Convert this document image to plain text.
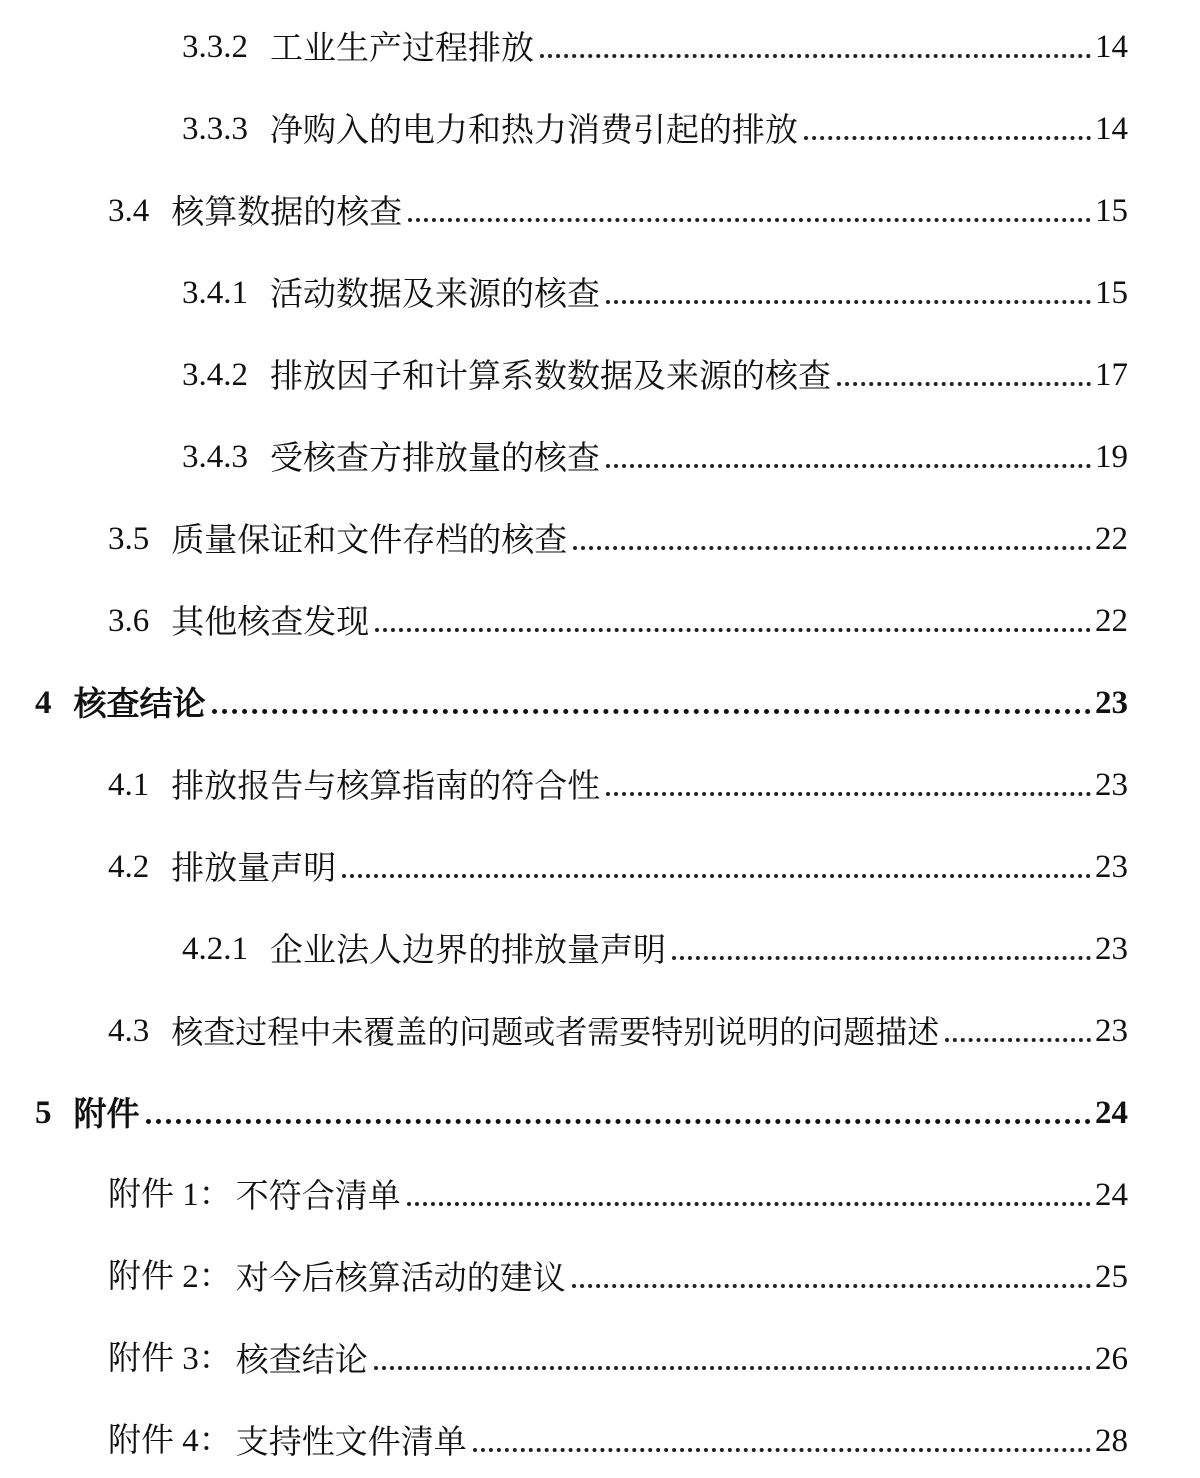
3.3.2 工业生产过程排放	14
3.3.3 净购入的电力和热力消费引起的排放	14
3.4 核算数据的核查	15
3.4.1 活动数据及来源的核查	15
3.4.2 排放因子和计算系数数据及来源的核查	17
3.4.3 受核查方排放量的核查	19
3.5 质量保证和文件存档的核查	22
3.6 其他核查发现	22
4 核查结论	23
4.1 排放报告与核算指南的符合性	23
4.2 排放量声明	23
4.2.1 企业法人边界的排放量声明	23
4.3 核查过程中未覆盖的问题或者需要特别说明的问题描述	23
5 附件	24
附件 1： 不符合清单	24
附件 2： 对今后核算活动的建议	25
附件 3： 核查结论	26
附件 4： 支持性文件清单	28
